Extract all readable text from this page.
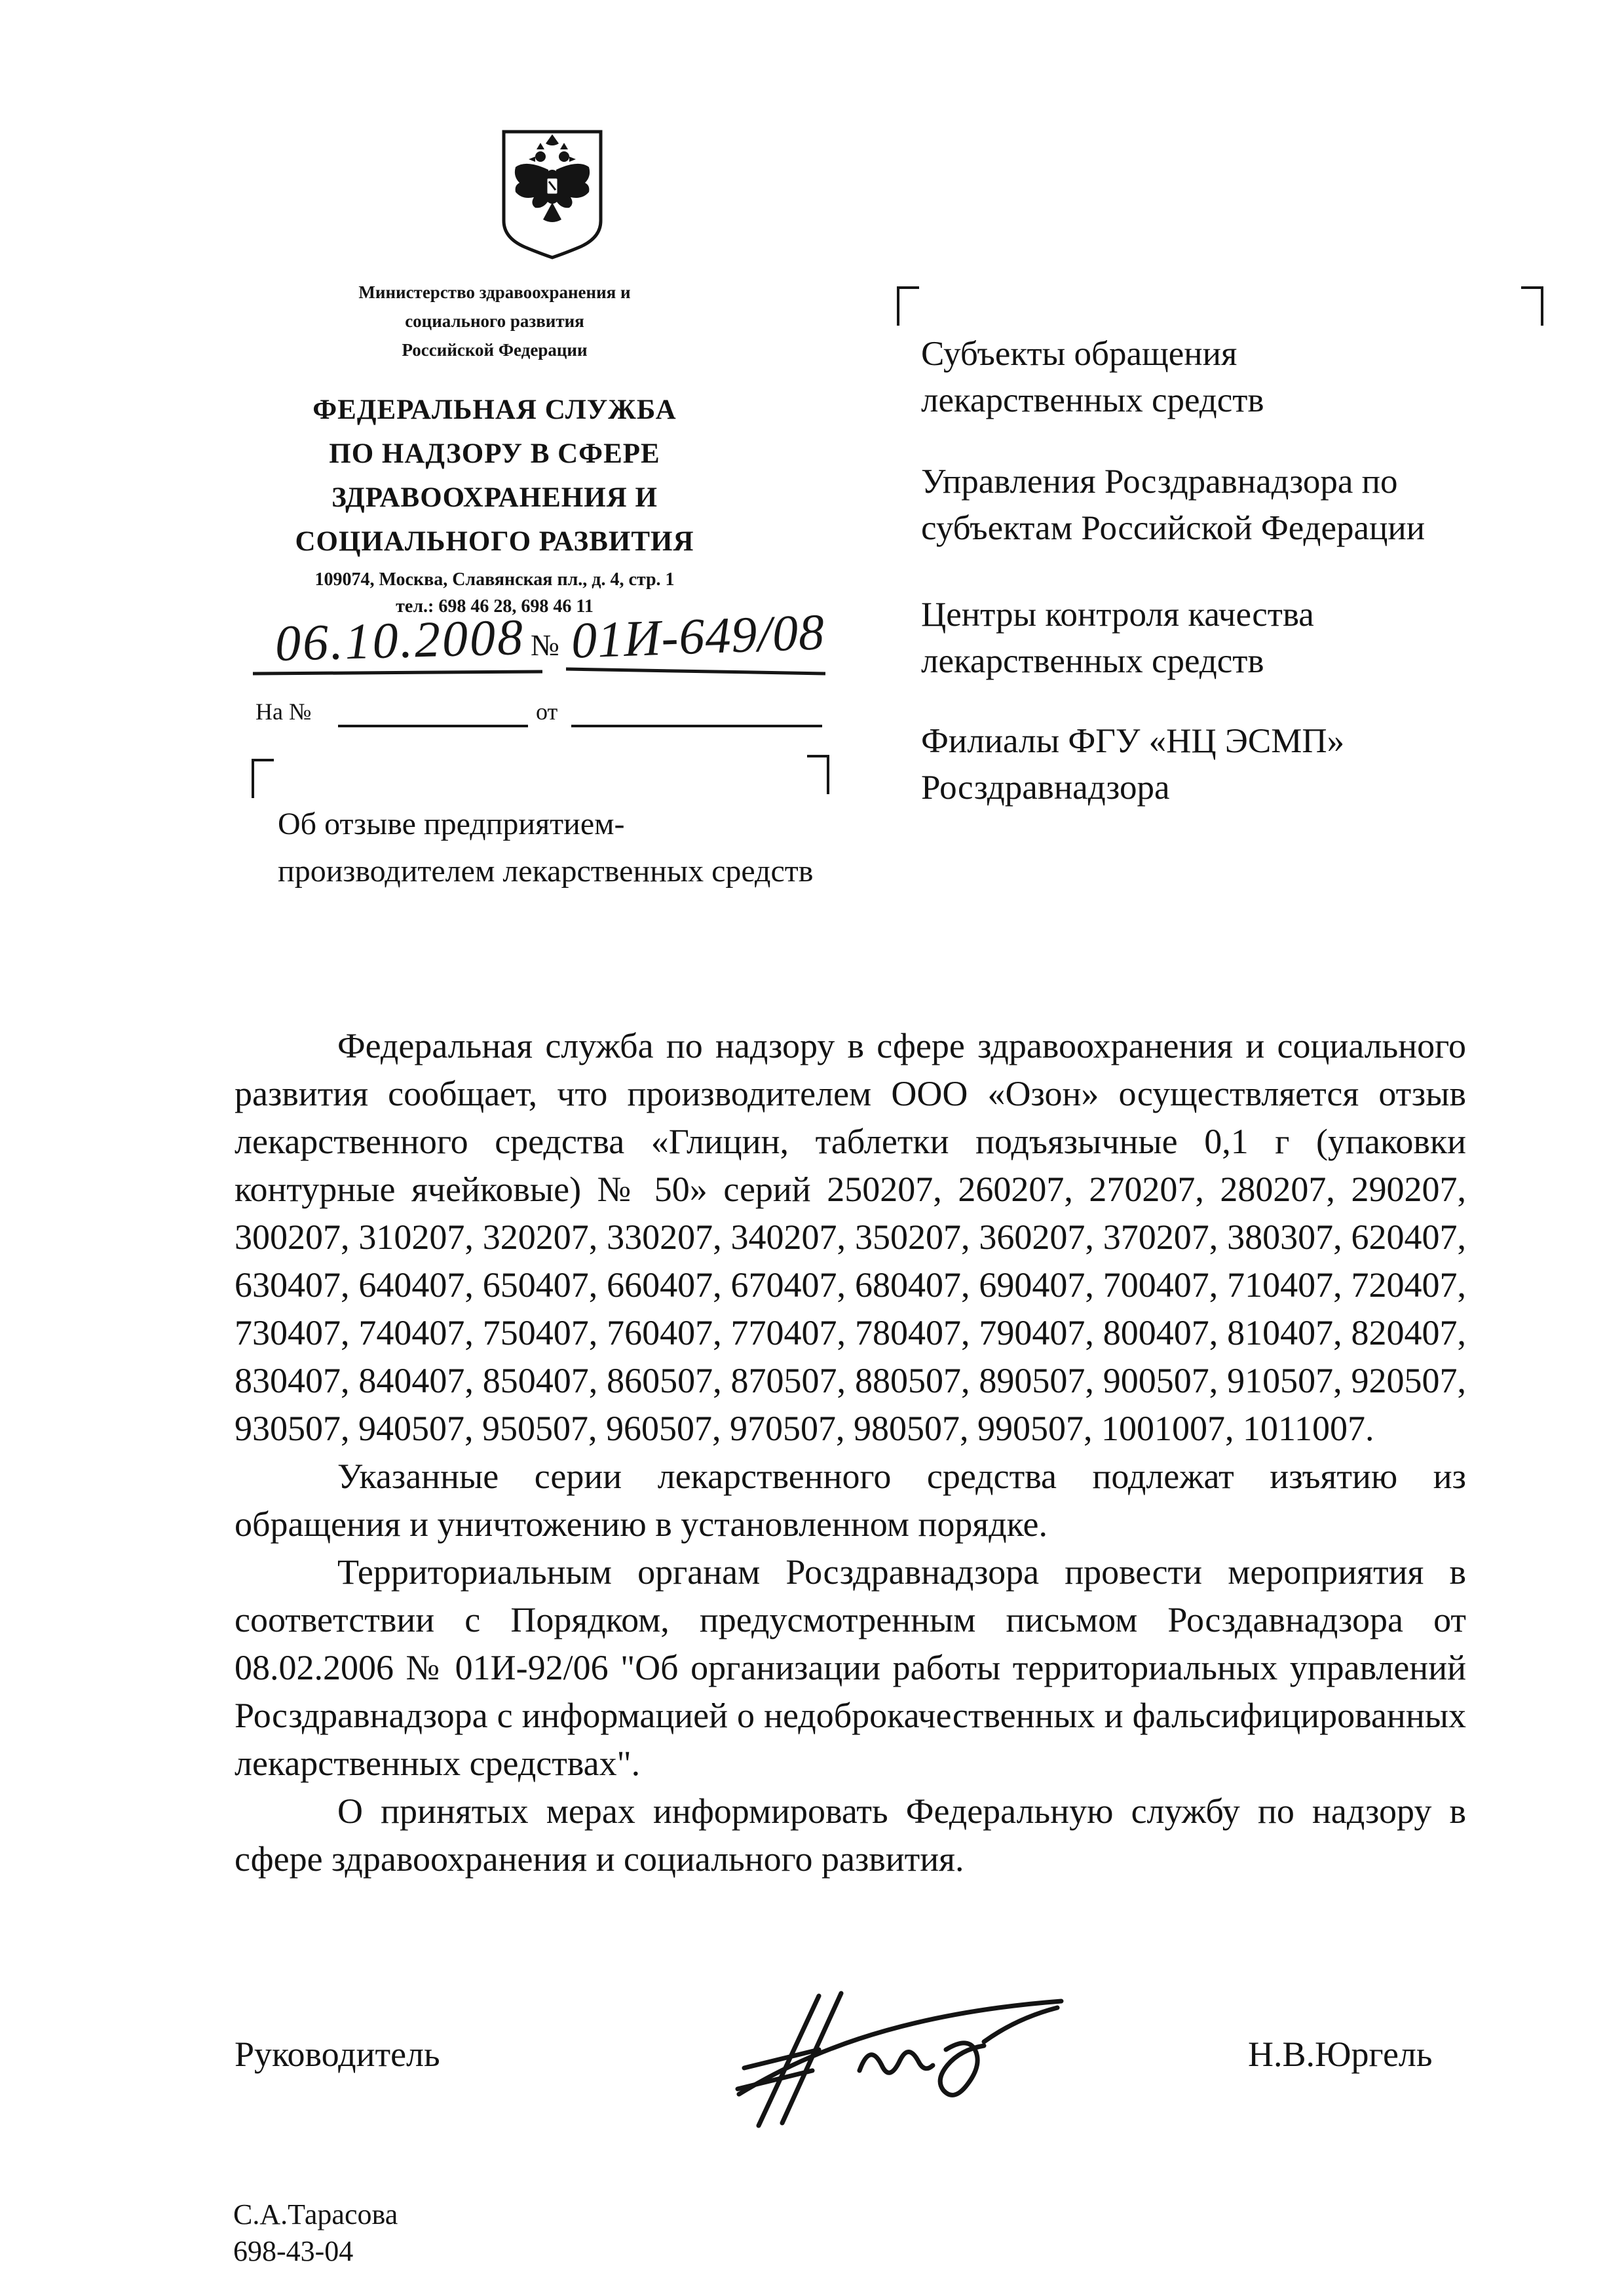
Министерство здравоохранения и
социального развития
Российской Федерации
ФЕДЕРАЛЬНАЯ СЛУЖБА
ПО НАДЗОРУ В СФЕРЕ
ЗДРАВООХРАНЕНИЯ И
СОЦИАЛЬНОГО РАЗВИТИЯ
109074, Москва, Славянская пл., д. 4, стр. 1
тел.: 698 46 28, 698 46 11
06.10.2008 № 01И-649/08
На №	от
Об отзыве предприятием-
производителем лекарственных средств
Субъекты обращения
лекарственных средств
Управления Росздравнадзора по
субъектам Российской Федерации
Центры контроля качества
лекарственных средств
Филиалы ФГУ «НЦ ЭСМП»
Росздравнадзора

Федеральная служба по надзору в сфере здравоохранения и социального развития сообщает, что производителем ООО «Озон» осуществляется отзыв лекарственного средства «Глицин, таблетки подъязычные 0,1 г (упаковки контурные ячейковые) № 50» серий 250207, 260207, 270207, 280207, 290207, 300207, 310207, 320207, 330207, 340207, 350207, 360207, 370207, 380307, 620407, 630407, 640407, 650407, 660407, 670407, 680407, 690407, 700407, 710407, 720407, 730407, 740407, 750407, 760407, 770407, 780407, 790407, 800407, 810407, 820407, 830407, 840407, 850407, 860507, 870507, 880507, 890507, 900507, 910507, 920507, 930507, 940507, 950507, 960507, 970507, 980507, 990507, 1001007, 1011007.

Указанные серии лекарственного средства подлежат изъятию из обращения и уничтожению в установленном порядке.

Территориальным органам Росздравнадзора провести мероприятия в соответствии с Порядком, предусмотренным письмом Росздавнадзора от 08.02.2006 № 01И-92/06 "Об организации работы территориальных управлений Росздравнадзора с информацией о недоброкачественных и фальсифицированных лекарственных средствах".

О принятых мерах информировать Федеральную службу по надзору в сфере здравоохранения и социального развития.

Руководитель	Н.В.Юргель
С.А.Тарасова
698-43-04
